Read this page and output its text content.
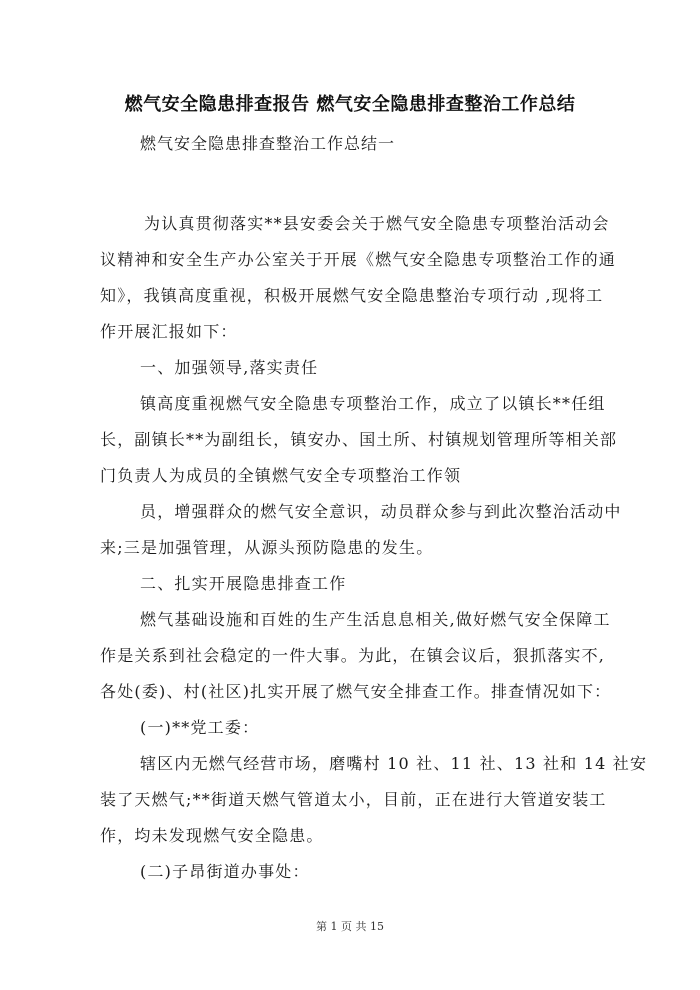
燃气安全隐患排查报告 燃气安全隐患排查整治工作总结
燃气安全隐患排查整治工作总结一
为认真贯彻落实**县安委会关于燃气安全隐患专项整治活动会
议精神和安全生产办公室关于开展《燃气安全隐患专项整治工作的通
知》，我镇高度重视，积极开展燃气安全隐患整治专项行动 ,现将工
作开展汇报如下：
一、加强领导,落实责任
镇高度重视燃气安全隐患专项整治工作，成立了以镇长**任组
长，副镇长**为副组长，镇安办、国土所、村镇规划管理所等相关部
门负责人为成员的全镇燃气安全专项整治工作领
员，增强群众的燃气安全意识，动员群众参与到此次整治活动中
来;三是加强管理，从源头预防隐患的发生。
二、扎实开展隐患排查工作
燃气基础设施和百姓的生产生活息息相关,做好燃气安全保障工
作是关系到社会稳定的一件大事。为此，在镇会议后，狠抓落实不,
各处(委)、村(社区)扎实开展了燃气安全排查工作。排查情况如下：
(一)**党工委：
辖区内无燃气经营市场，磨嘴村 10 社、11 社、13 社和 14 社安
装了天燃气;**街道天燃气管道太小，目前，正在进行大管道安装工
作，均未发现燃气安全隐患。
(二)子昂街道办事处：
第 1 页 共 15
